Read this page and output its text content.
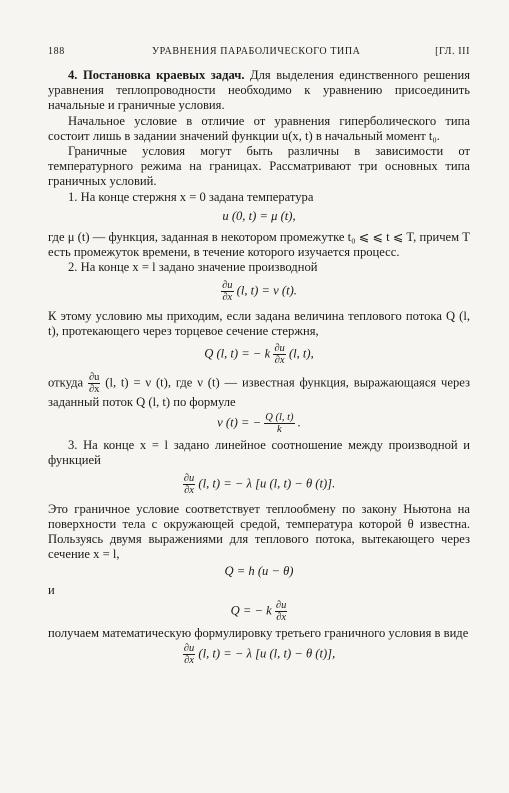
188	УРАВНЕНИЯ ПАРАБОЛИЧЕСКОГО ТИПА	[ГЛ. III

4. Постановка краевых задач. Для выделения единственного решения уравнения теплопроводности необходимо к уравнению присоединить начальные и граничные условия.

Начальное условие в отличие от уравнения гиперболического типа состоит лишь в задании значений функции u(x, t) в начальный момент t₀.

Граничные условия могут быть различны в зависимости от температурного режима на границах. Рассматривают три основных типа граничных условий.

1. На конце стержня x = 0 задана температура

u (0, t) = μ (t),

где μ (t) — функция, заданная в некотором промежутке t₀ ⩽ ⩽ t ⩽ T, причем T есть промежуток времени, в течение которого изучается процесс.

2. На конце x = l задано значение производной

$\frac{\partial u}{\partial x} (l$, t) = ν (t).

К этому условию мы приходим, если задана величина теплового потока Q (l, t), протекающего через торцевое сечение стержня,

Q (l, t) = − k $\frac{\partial u}{\partial x} (l$, t),

откуда $\frac{\partial u}{\partial x} (l$, t) = ν (t), где ν (t) — известная функция, выражающаяся через заданный поток Q (l, t) по формуле

ν (t) = − $\frac{Q (l, t)}{k}$ .

3. На конце x = l задано линейное соотношение между производной и функцией

$\frac{\partial u}{\partial x} (l$, t) = − λ [u (l, t) − θ (t)].

Это граничное условие соответствует теплообмену по закону Ньютона на поверхности тела с окружающей средой, температура которой θ известна. Пользуясь двумя выражениями для теплового потока, вытекающего через сечение x = l,

Q = h (u − θ)

и

Q = − k $\frac{\partial u}{\partial x}$

получаем математическую формулировку третьего граничного условия в виде

$\frac{\partial u}{\partial x} (l$, t) = − λ [u (l, t) − θ (t)],
